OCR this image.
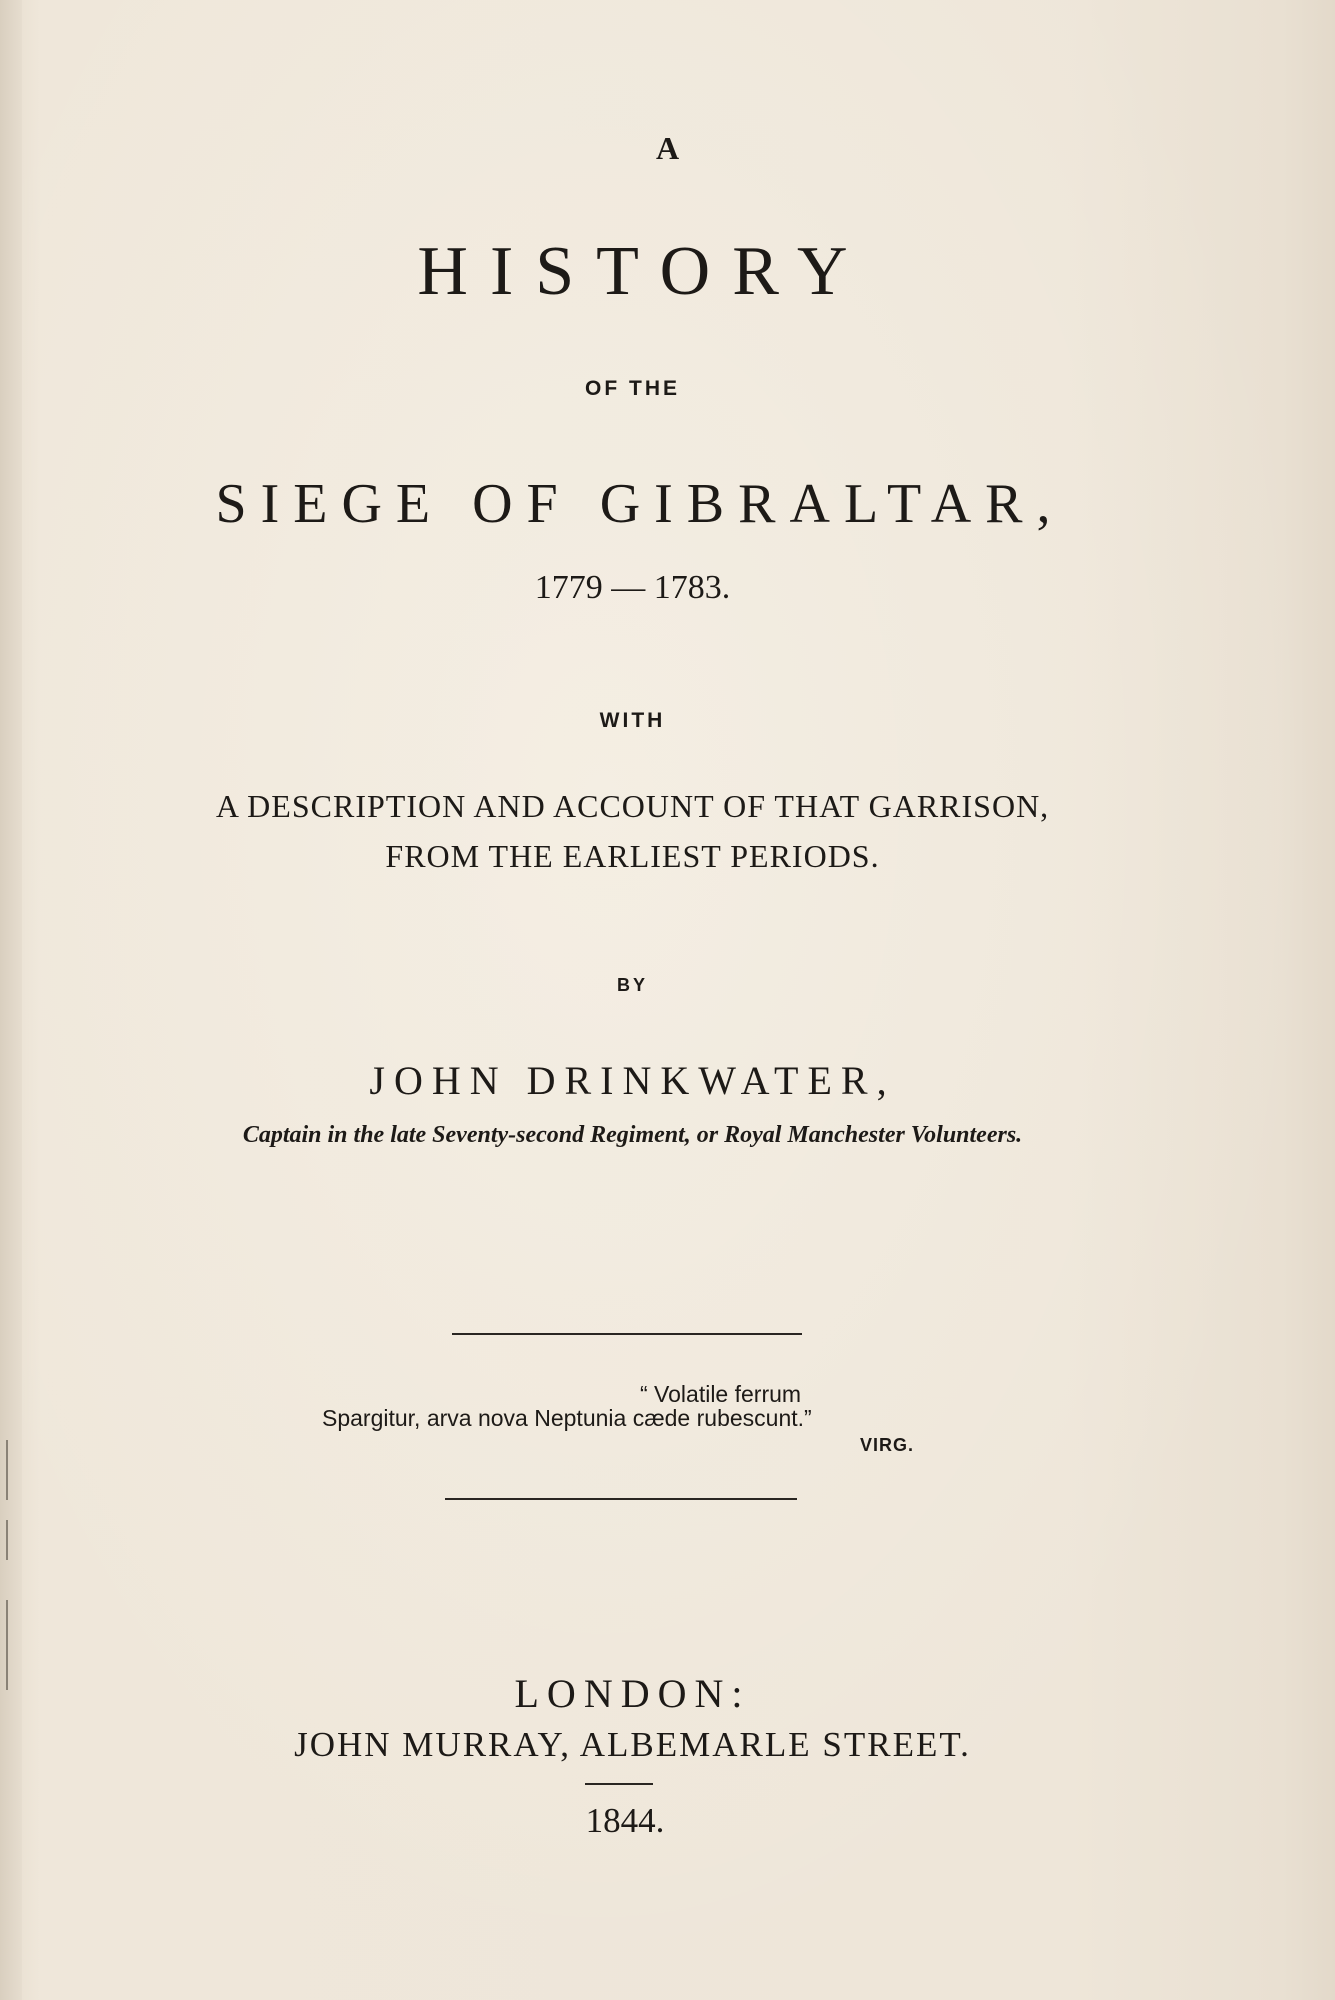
A
HISTORY
OF THE
SIEGE OF GIBRALTAR,
1779 — 1783.
WITH
A DESCRIPTION AND ACCOUNT OF THAT GARRISON,
FROM THE EARLIEST PERIODS.
BY
JOHN DRINKWATER,
Captain in the late Seventy-second Regiment, or Royal Manchester Volunteers.
“ Volatile ferrum
Spargitur, arva nova Neptunia cæde rubescunt.”
VIRG.
LONDON:
JOHN MURRAY, ALBEMARLE STREET.
1844.
